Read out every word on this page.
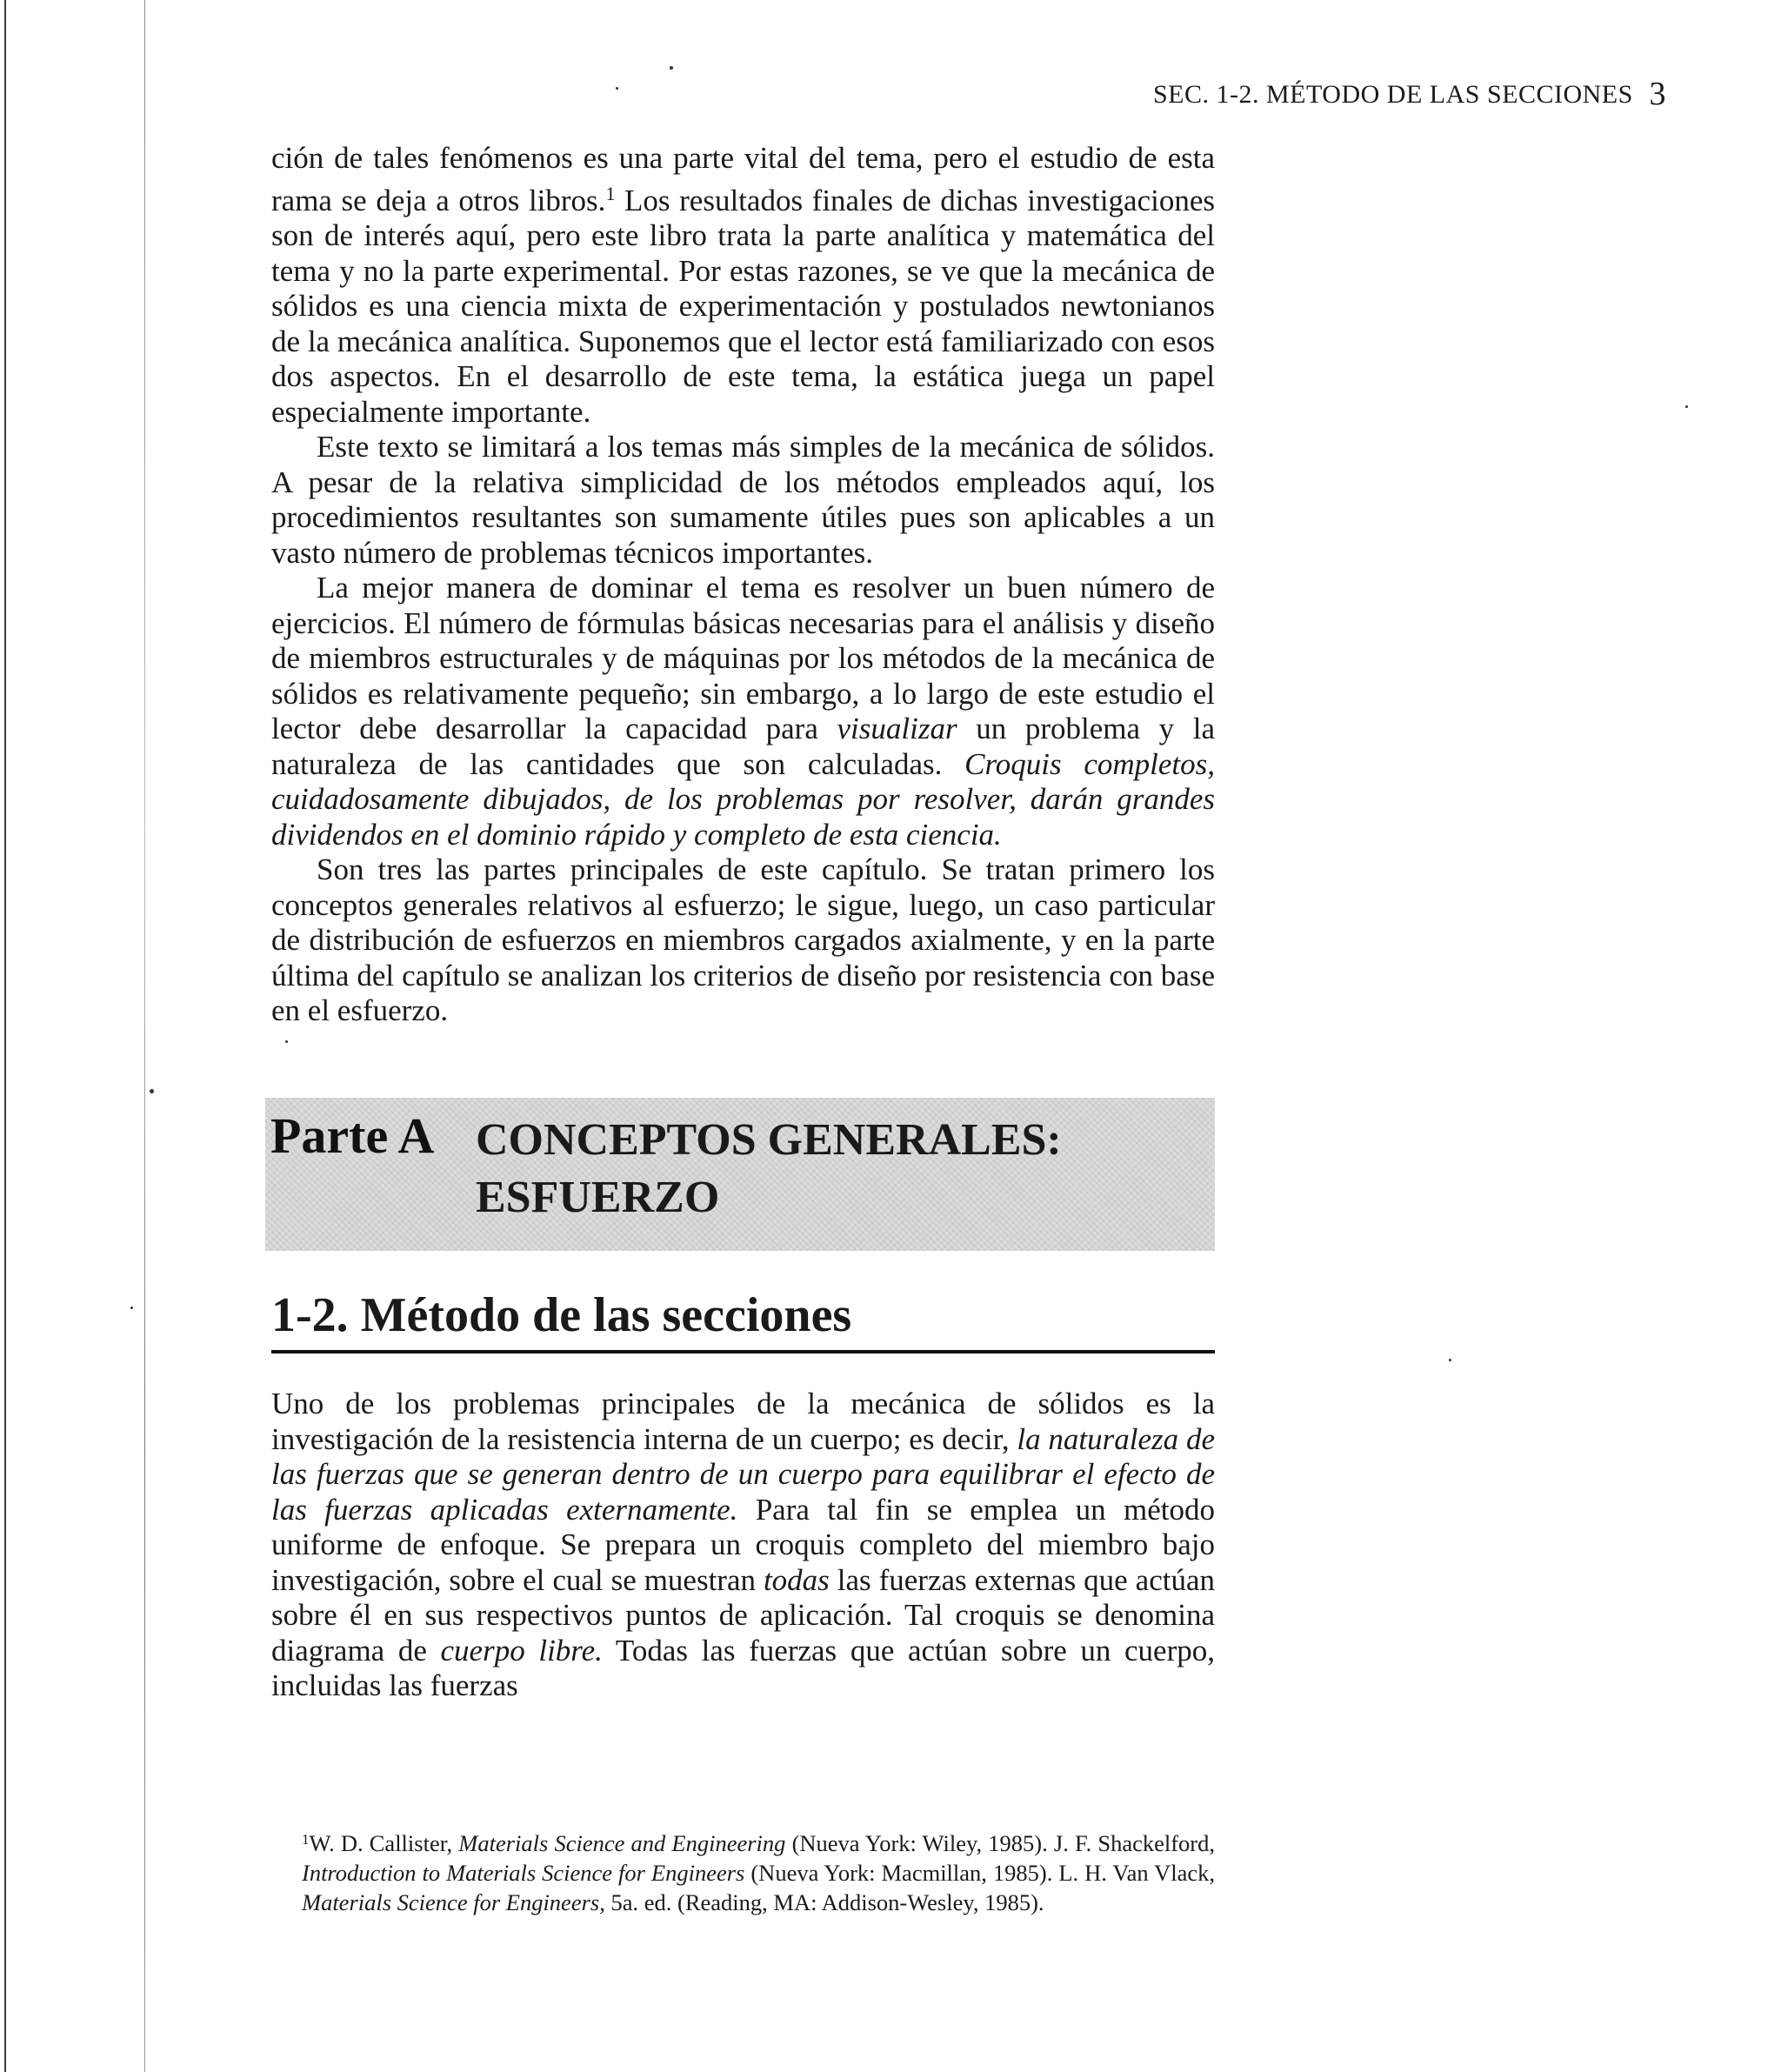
SEC. 1-2. MÉTODO DE LAS SECCIONES 3

ción de tales fenómenos es una parte vital del tema, pero el estudio de esta rama se deja a otros libros.$^1$ Los resultados finales de dichas investigaciones son de interés aquí, pero este libro trata la parte analítica y matemática del tema y no la parte experimental. Por estas razones, se ve que la mecánica de sólidos es una ciencia mixta de experimentación y postulados newtonianos de la mecánica analítica. Suponemos que el lector está familiarizado con esos dos aspectos. En el desarrollo de este tema, la estática juega un papel especialmente importante.

Este texto se limitará a los temas más simples de la mecánica de sólidos. A pesar de la relativa simplicidad de los métodos empleados aquí, los procedimientos resultantes son sumamente útiles pues son aplicables a un vasto número de problemas técnicos importantes.

La mejor manera de dominar el tema es resolver un buen número de ejercicios. El número de fórmulas básicas necesarias para el análisis y diseño de miembros estructurales y de máquinas por los métodos de la mecánica de sólidos es relativamente pequeño; sin embargo, a lo largo de este estudio el lector debe desarrollar la capacidad para visualizar un problema y la naturaleza de las cantidades que son calculadas. Croquis completos, cuidadosamente dibujados, de los problemas por resolver, darán grandes dividendos en el dominio rápido y completo de esta ciencia.

Son tres las partes principales de este capítulo. Se tratan primero los conceptos generales relativos al esfuerzo; le sigue, luego, un caso particular de distribución de esfuerzos en miembros cargados axialmente, y en la parte última del capítulo se analizan los criterios de diseño por resistencia con base en el esfuerzo.

Parte A CONCEPTOS GENERALES:
ESFUERZO
1-2. Método de las secciones

Uno de los problemas principales de la mecánica de sólidos es la investigación de la resistencia interna de un cuerpo; es decir, la naturaleza de las fuerzas que se generan dentro de un cuerpo para equilibrar el efecto de las fuerzas aplicadas externamente. Para tal fin se emplea un método uniforme de enfoque. Se prepara un croquis completo del miembro bajo investigación, sobre el cual se muestran todas las fuerzas externas que actúan sobre él en sus respectivos puntos de aplicación. Tal croquis se denomina diagrama de cuerpo libre. Todas las fuerzas que actúan sobre un cuerpo, incluidas las fuerzas

$^1$W. D. Callister, Materials Science and Engineering (Nueva York: Wiley, 1985). J. F. Shackelford, Introduction to Materials Science for Engineers (Nueva York: Macmillan, 1985). L. H. Van Vlack, Materials Science for Engineers, 5a. ed. (Reading, MA: Addison-Wesley, 1985).
